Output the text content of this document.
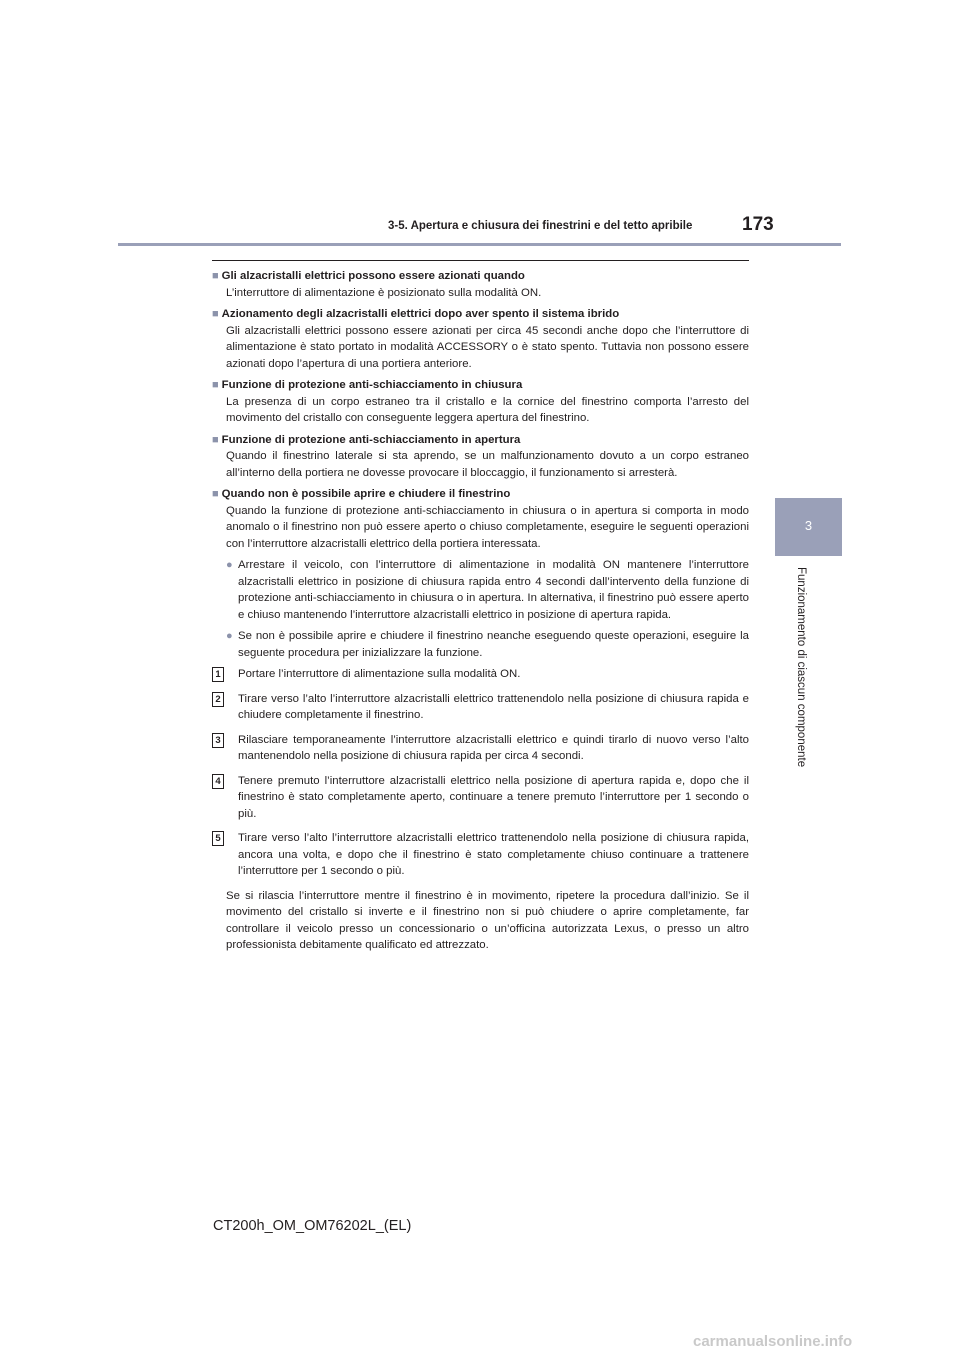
3-5. Apertura e chiusura dei finestrini e del tetto apribile	173
3
Funzionamento di ciascun componente
■ Gli alzacristalli elettrici possono essere azionati quando
L’interruttore di alimentazione è posizionato sulla modalità ON.
■ Azionamento degli alzacristalli elettrici dopo aver spento il sistema ibrido
Gli alzacristalli elettrici possono essere azionati per circa 45 secondi anche dopo che l’interruttore di alimentazione è stato portato in modalità ACCESSORY o è stato spento. Tuttavia non possono essere azionati dopo l’apertura di una portiera anteriore.
■ Funzione di protezione anti-schiacciamento in chiusura
La presenza di un corpo estraneo tra il cristallo e la cornice del finestrino comporta l’arresto del movimento del cristallo con conseguente leggera apertura del finestrino.
■ Funzione di protezione anti-schiacciamento in apertura
Quando il finestrino laterale si sta aprendo, se un malfunzionamento dovuto a un corpo estraneo all’interno della portiera ne dovesse provocare il bloccaggio, il funzionamento si arresterà.
■ Quando non è possibile aprire e chiudere il finestrino
Quando la funzione di protezione anti-schiacciamento in chiusura o in apertura si comporta in modo anomalo o il finestrino non può essere aperto o chiuso completamente, eseguire le seguenti operazioni con l’interruttore alzacristalli elettrico della portiera interessata.
● Arrestare il veicolo, con l’interruttore di alimentazione in modalità ON mantenere l’interruttore alzacristalli elettrico in posizione di chiusura rapida entro 4 secondi dall’intervento della funzione di protezione anti-schiacciamento in chiusura o in apertura. In alternativa, il finestrino può essere aperto e chiuso mantenendo l’interruttore alzacristalli elettrico in posizione di apertura rapida.
● Se non è possibile aprire e chiudere il finestrino neanche eseguendo queste operazioni, eseguire la seguente procedura per inizializzare la funzione.
1 Portare l’interruttore di alimentazione sulla modalità ON.
2 Tirare verso l’alto l’interruttore alzacristalli elettrico trattenendolo nella posizione di chiusura rapida e chiudere completamente il finestrino.
3 Rilasciare temporaneamente l’interruttore alzacristalli elettrico e quindi tirarlo di nuovo verso l’alto mantenendolo nella posizione di chiusura rapida per circa 4 secondi.
4 Tenere premuto l’interruttore alzacristalli elettrico nella posizione di apertura rapida e, dopo che il finestrino è stato completamente aperto, continuare a tenere premuto l’interruttore per 1 secondo o più.
5 Tirare verso l’alto l’interruttore alzacristalli elettrico trattenendolo nella posizione di chiusura rapida, ancora una volta, e dopo che il finestrino è stato completamente chiuso continuare a trattenere l’interruttore per 1 secondo o più.
Se si rilascia l’interruttore mentre il finestrino è in movimento, ripetere la procedura dall’inizio. Se il movimento del cristallo si inverte e il finestrino non si può chiudere o aprire completamente, far controllare il veicolo presso un concessionario o un’officina autorizzata Lexus, o presso un altro professionista debitamente qualificato ed attrezzato.
CT200h_OM_OM76202L_(EL)
carmanualsonline.info
